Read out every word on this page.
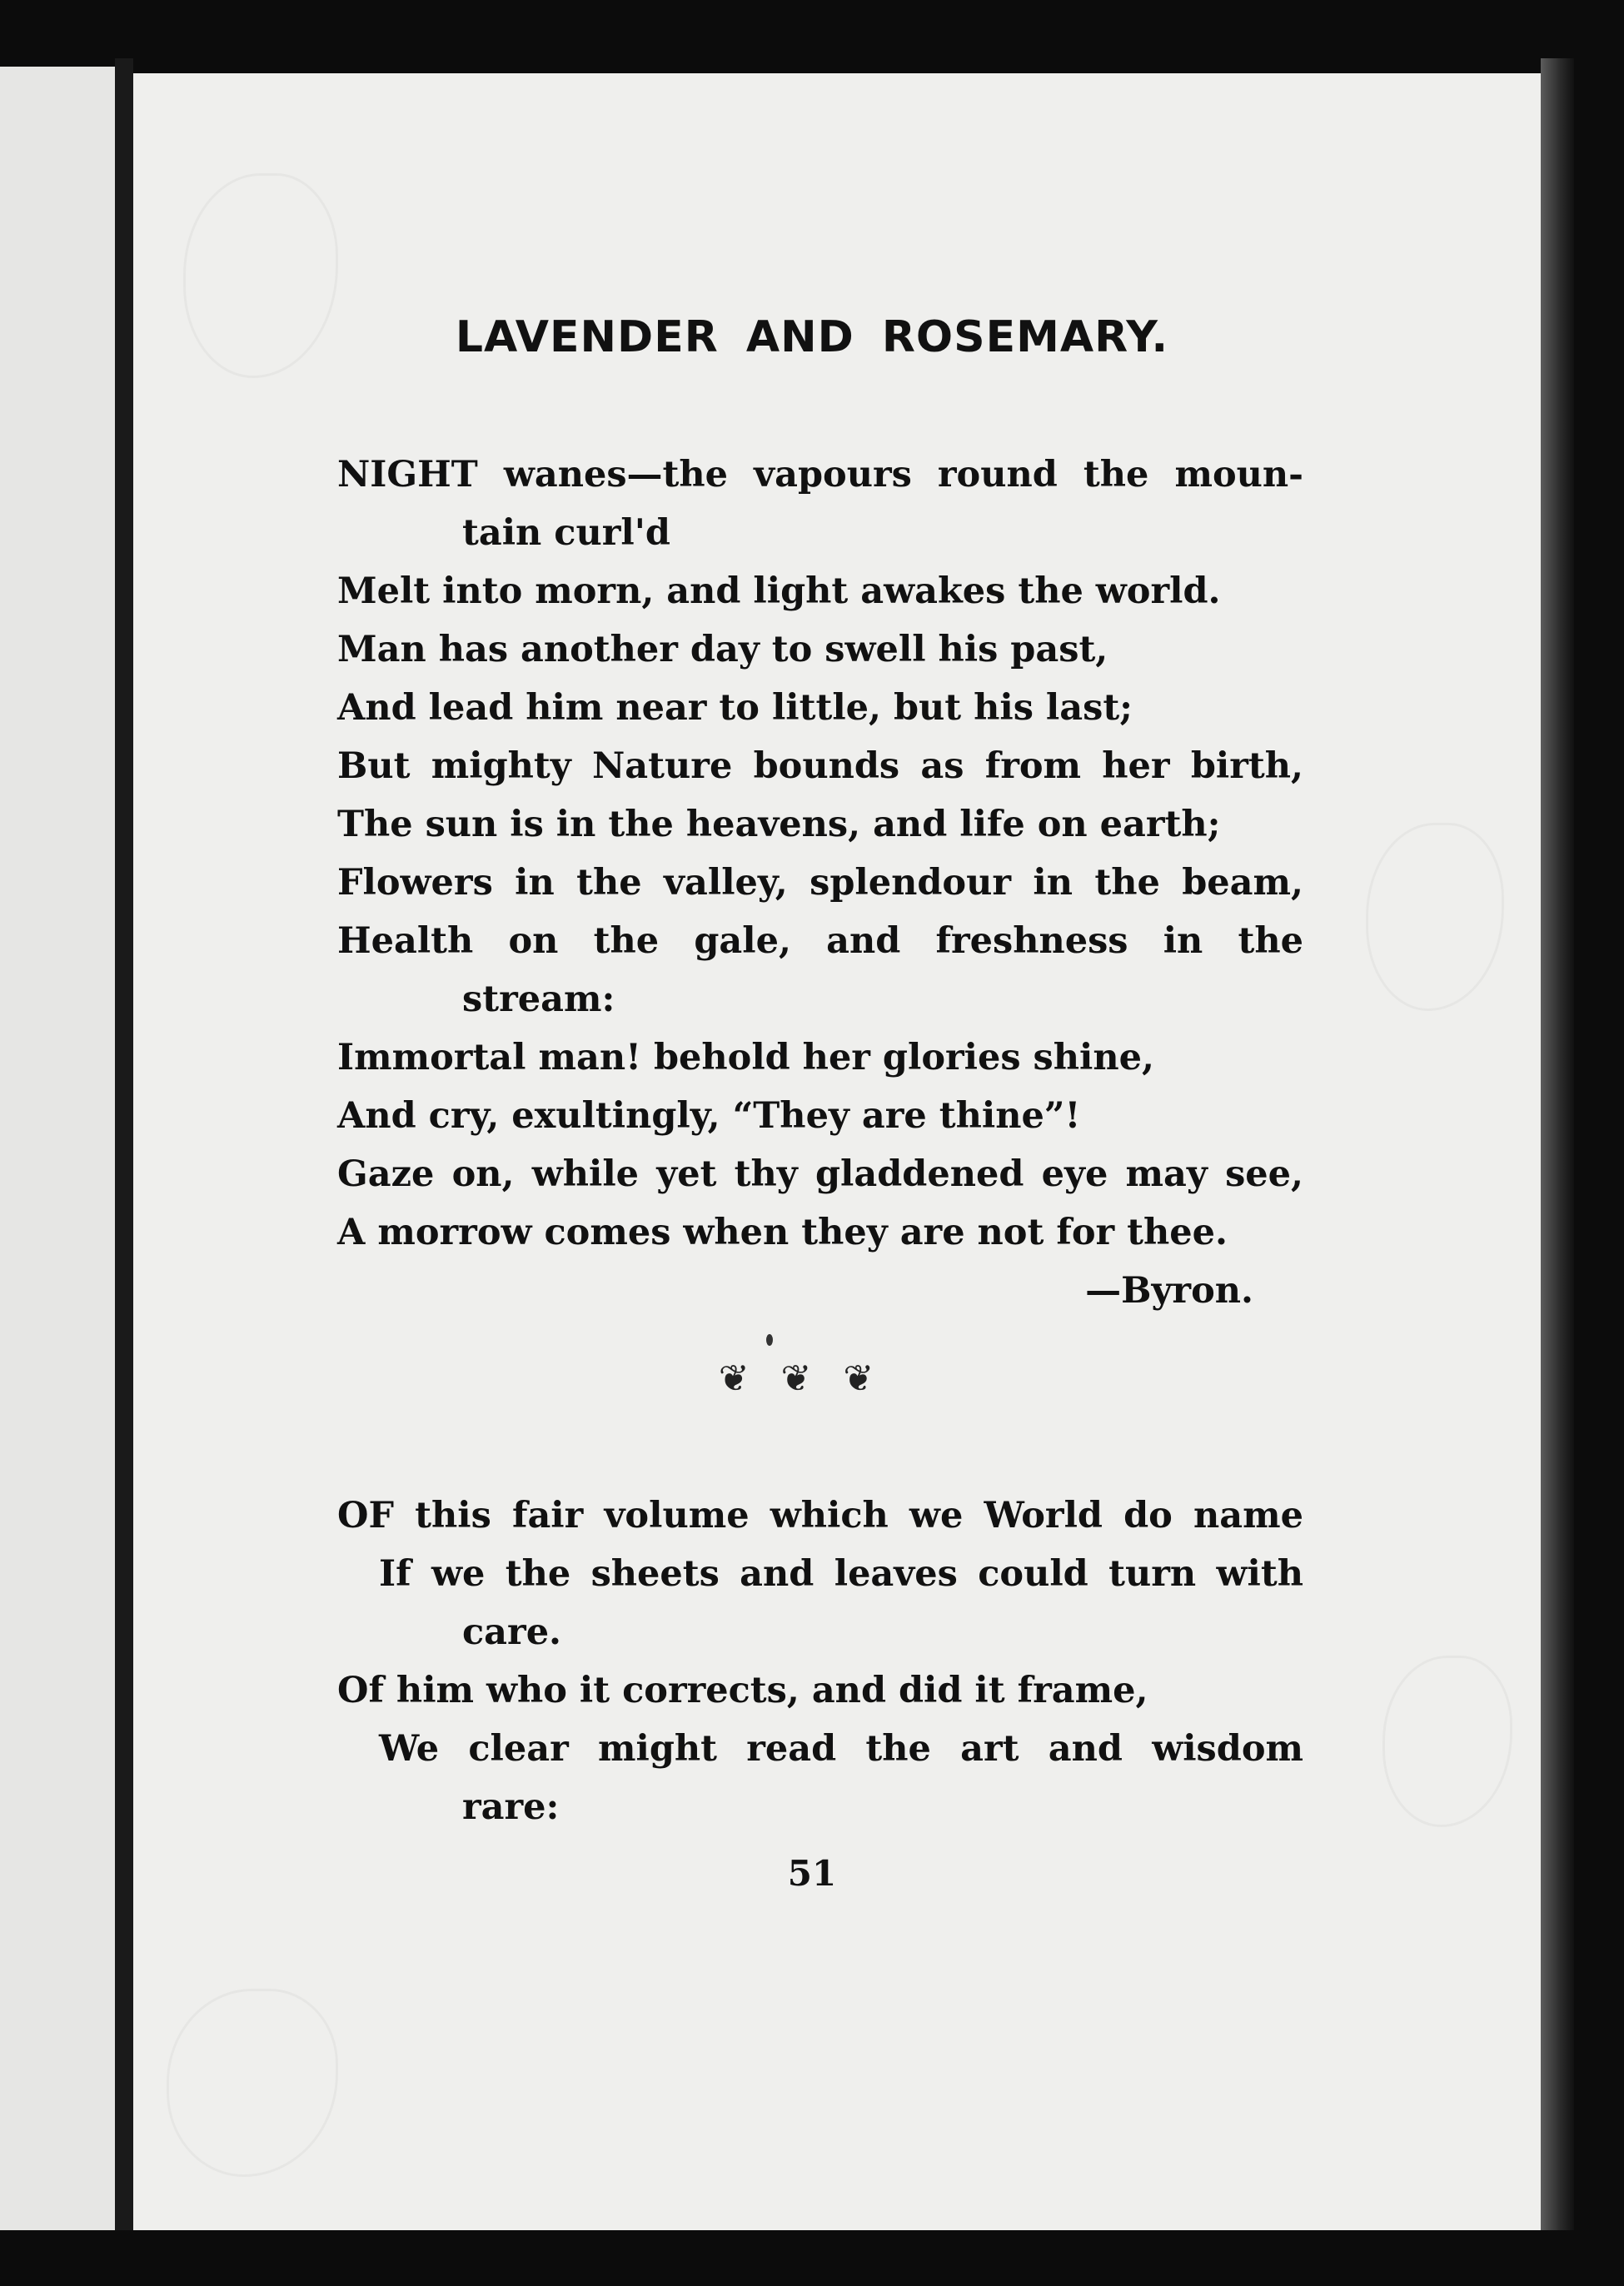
LAVENDER AND ROSEMARY.
NIGHT wanes—the vapours round the moun-
tain curl'd
Melt into morn, and light awakes the world.
Man has another day to swell his past,
And lead him near to little, but his last;
But mighty Nature bounds as from her birth,
The sun is in the heavens, and life on earth;
Flowers in the valley, splendour in the beam,
Health on the gale, and freshness in the
stream:
Immortal man! behold her glories shine,
And cry, exultingly, “They are thine”!
Gaze on, while yet thy gladdened eye may see,
A morrow comes when they are not for thee.
—Byron.
❦❦❦
OF this fair volume which we World do name
If we the sheets and leaves could turn with
care.
Of him who it corrects, and did it frame,
We clear might read the art and wisdom
rare:
51
